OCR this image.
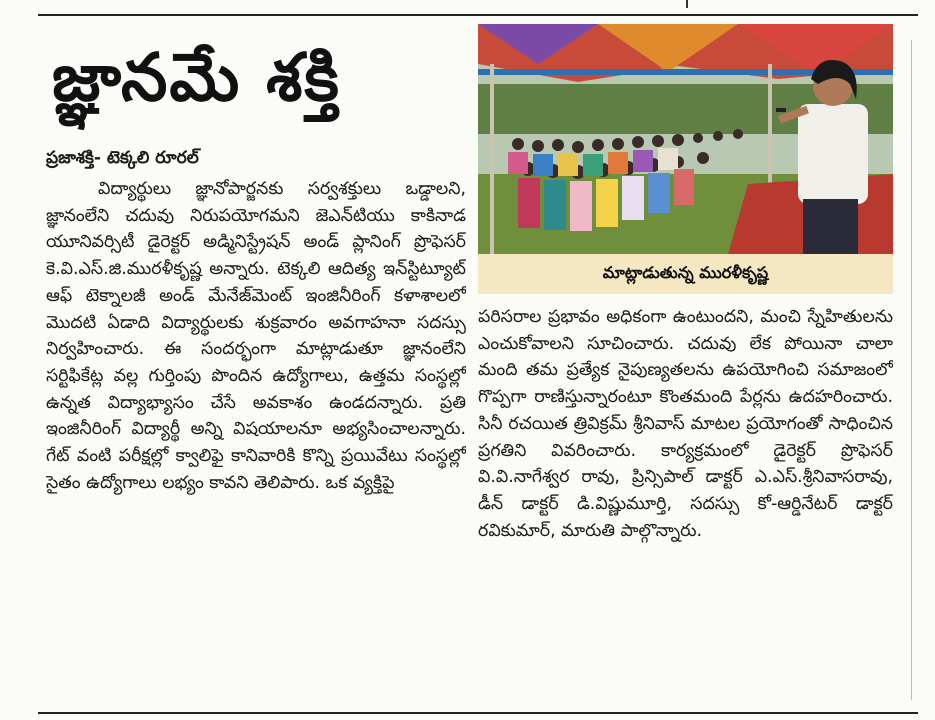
జ్ఞానమే శక్తి
ప్రజాశక్తి- టెక్కలి రూరల్

విద్యార్థులు జ్ఞానోపార్జనకు సర్వశక్తులు ఒడ్డాలని, జ్ఞానంలేని చదువు నిరుపయోగమని జెఎన్‌టియు కాకినాడ యూనివర్సిటీ డైరెక్టర్ అడ్మినిస్ట్రేషన్ అండ్ ప్లానింగ్ ప్రొఫెసర్ కె.వి.ఎస్.జి.మురళీకృష్ణ అన్నారు. టెక్కలి ఆదిత్య ఇన్‌స్టిట్యూట్ ఆఫ్ టెక్నాలజీ అండ్ మేనేజ్‌మెంట్ ఇంజినీరింగ్ కళాశాలలో మొదటి ఏడాది విద్యార్థులకు శుక్రవారం అవగాహనా సదస్సు నిర్వహించారు. ఈ సందర్భంగా మాట్లాడుతూ జ్ఞానంలేని సర్టిఫికేట్ల వల్ల గుర్తింపు పొందిన ఉద్యోగాలు, ఉత్తమ సంస్థల్లో ఉన్నత విద్యాభ్యాసం చేసే అవకాశం ఉండదన్నారు. ప్రతి ఇంజినీరింగ్ విద్యార్థీ అన్ని విషయాలనూ అభ్యసించాలన్నారు. గేట్ వంటి పరీక్షల్లో క్వాలిఫై కానివారికి కొన్ని ప్రయివేటు సంస్థల్లో సైతం ఉద్యోగాలు లభ్యం కావని తెలిపారు. ఒక వ్యక్తిపై

మాట్లాడుతున్న మురళీకృష్ణ

పరిసరాల ప్రభావం అధికంగా ఉంటుందని, మంచి స్నేహితులను ఎంచుకోవాలని సూచించారు. చదువు లేక పోయినా చాలా మంది తమ ప్రత్యేక నైపుణ్యతలను ఉపయోగించి సమాజంలో గొప్పగా రాణిస్తున్నారంటూ కొంతమంది పేర్లను ఉదహరించారు. సినీ రచయిత త్రివిక్రమ్ శ్రీనివాస్ మాటల ప్రయోగంతో సాధించిన ప్రగతిని వివరించారు. కార్యక్రమంలో డైరెక్టర్ ప్రొఫెసర్ వి.వి.నాగేశ్వర రావు, ప్రిన్సిపాల్ డాక్టర్ ఎ.ఎస్.శ్రీనివాసరావు, డీన్ డాక్టర్ డి.విష్ణుమూర్తి, సదస్సు కో-ఆర్డినేటర్ డాక్టర్ రవికుమార్, మారుతి పాల్గొన్నారు.
